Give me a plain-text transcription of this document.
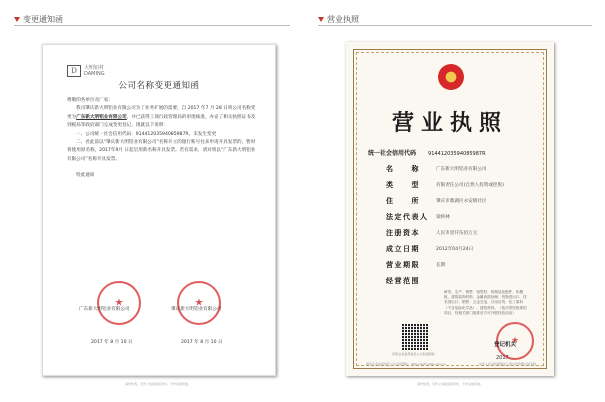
变更通知函	营业执照
D	大明铝材
DAMING
公司名称变更通知函

尊敬的各单位及厂家：

我司肇庆新大明铝业有限公司为了业务扩展的需要，自 2017 年7 月 28 日将公司名称变更为广东新大明铝业有限公司，并已获得工商行政管理局的审批核准，办妥了相关执照证书及到税局等政府部门完成变更登记，现就以下说明：

一、公司统一社会信用代码：91441203594085987R，未发生变更

二、君此前以“肇庆新大明铝业有限公司”名称开立的银行账号往来申请开具发票的，暂时将使用原名称，2017年9月 日起启用新名称开具发票。若有需求，请对将以“广东新大明铝业有限公司”名称开具发票。

特此通知

★	★
广东新大明铝业有限公司	肇庆新大明铝业有限公司
2017 年 8 月 10 日	2017 年 8 月 10 日
请作知悉，可作上班前阅览资料，不作其他用途。
营业执照
统一社会信用代码 91441203594085987R
名　　称	广东新大明铝业有限公司
类　　型	有限责任公司(自然人投资或控股)
住　　所	肇庆市鼎湖区永安镇社区
法定代表人	梁桥林
注册资本	人民币壹仟伍佰万元
成立日期	2012年04月24日
营业期限	长期
经营范围
研发、生产、销售：铝型材、铝制品及配件、铝模板，建筑装饰材料；金属表面处理；货物进出口、技术进出口；销售：五金交电、日用百货、化工原料（不含危险化学品）、建筑材料。（依法须经批准的项目，经相关部门批准后方可开展经营活动）
国家企业信用信息公示系统网址：
★
登记机关
2017
国家企业信用信息公示系统网址：http://gsxt.gdgs.gov.cn	中华人民共和国国家工商行政管理总局监制
请作知悉，可作上班前阅览资料，不作其他用途。
